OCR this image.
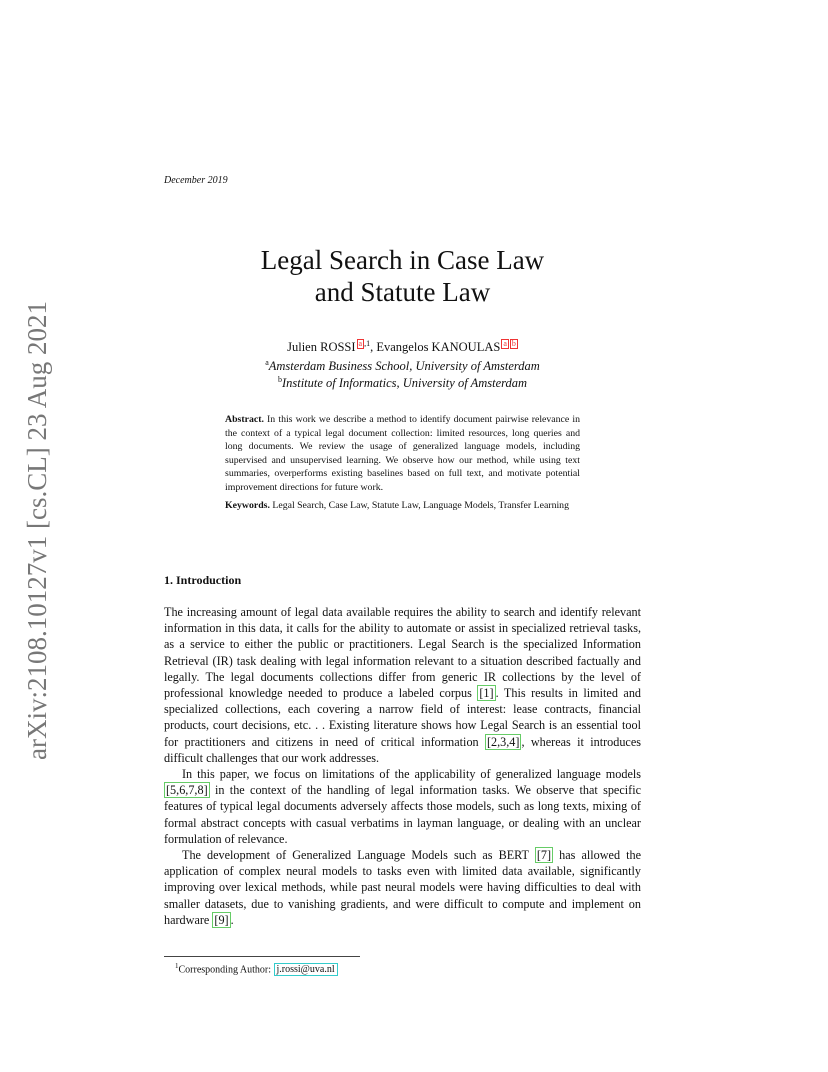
arXiv:2108.10127v1 [cs.CL] 23 Aug 2021
December 2019
Legal Search in Case Law
and Statute Law
Julien ROSSI a $^{,1}$, Evangelos KANOULAS a b
$^a$Amsterdam Business School, University of Amsterdam
$^b$Institute of Informatics, University of Amsterdam
Abstract. In this work we describe a method to identify document pairwise relevance in the context of a typical legal document collection: limited resources, long queries and long documents. We review the usage of generalized language models, including supervised and unsupervised learning. We observe how our method, while using text summaries, overperforms existing baselines based on full text, and motivate potential improvement directions for future work.
Keywords. Legal Search, Case Law, Statute Law, Language Models, Transfer Learning
1. Introduction

The increasing amount of legal data available requires the ability to search and identify relevant information in this data, it calls for the ability to automate or assist in specialized retrieval tasks, as a service to either the public or practitioners. Legal Search is the specialized Information Retrieval (IR) task dealing with legal information relevant to a situation described factually and legally. The legal documents collections differ from generic IR collections by the level of professional knowledge needed to produce a labeled corpus [1] . This results in limited and specialized collections, each covering a narrow field of interest: lease contracts, financial products, court decisions, etc. . . Existing literature shows how Legal Search is an essential tool for practitioners and citizens in need of critical information [2,3,4] , whereas it introduces difficult challenges that our work addresses.

In this paper, we focus on limitations of the applicability of generalized language models [5,6,7,8] in the context of the handling of legal information tasks. We observe that specific features of typical legal documents adversely affects those models, such as long texts, mixing of formal abstract concepts with casual verbatims in layman language, or dealing with an unclear formulation of relevance.

The development of Generalized Language Models such as BERT [7] has allowed the application of complex neural models to tasks even with limited data available, significantly improving over lexical methods, while past neural models were having difficulties to deal with smaller datasets, due to vanishing gradients, and were difficult to compute and implement on hardware [9] .

$^1$Corresponding Author: j.rossi@uva.nl
